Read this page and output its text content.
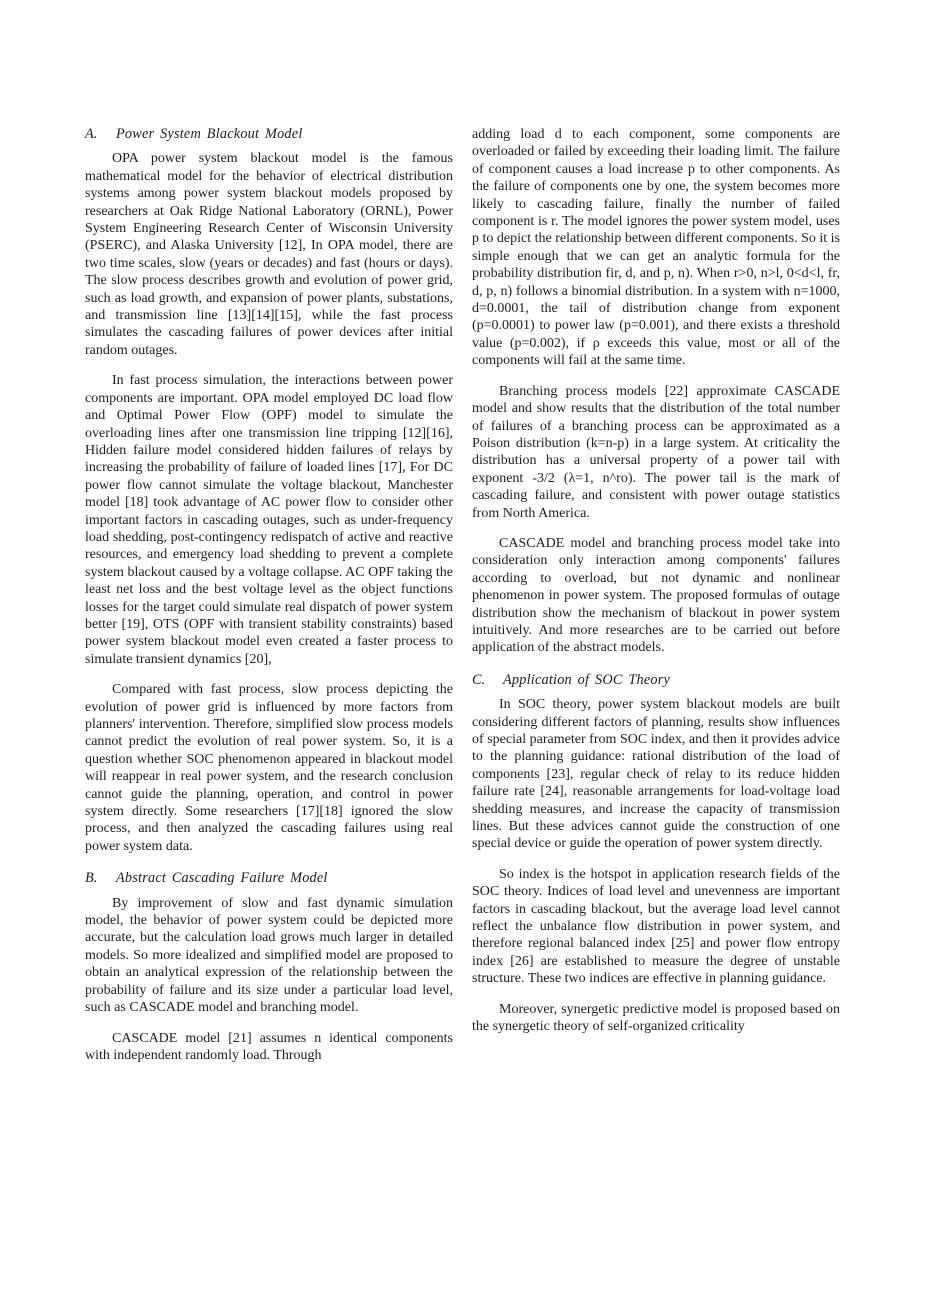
A.	Power System Blackout Model

OPA power system blackout model is the famous mathematical model for the behavior of electrical distribution systems among power system blackout models proposed by researchers at Oak Ridge National Laboratory (ORNL), Power System Engineering Research Center of Wisconsin University (PSERC), and Alaska University [12], In OPA model, there are two time scales, slow (years or decades) and fast (hours or days). The slow process describes growth and evolution of power grid, such as load growth, and expansion of power plants, substations, and transmission line [13][14][15], while the fast process simulates the cascading failures of power devices after initial random outages.

In fast process simulation, the interactions between power components are important. OPA model employed DC load flow and Optimal Power Flow (OPF) model to simulate the overloading lines after one transmission line tripping [12][16], Hidden failure model considered hidden failures of relays by increasing the probability of failure of loaded lines [17], For DC power flow cannot simulate the voltage blackout, Manchester model [18] took advantage of AC power flow to consider other important factors in cascading outages, such as under-frequency load shedding, post-contingency redispatch of active and reactive resources, and emergency load shedding to prevent a complete system blackout caused by a voltage collapse. AC OPF taking the least net loss and the best voltage level as the object functions losses for the target could simulate real dispatch of power system better [19], OTS (OPF with transient stability constraints) based power system blackout model even created a faster process to simulate transient dynamics [20],

Compared with fast process, slow process depicting the evolution of power grid is influenced by more factors from planners' intervention. Therefore, simplified slow process models cannot predict the evolution of real power system. So, it is a question whether SOC phenomenon appeared in blackout model will reappear in real power system, and the research conclusion cannot guide the planning, operation, and control in power system directly. Some researchers [17][18] ignored the slow process, and then analyzed the cascading failures using real power system data.

B.	Abstract Cascading Failure Model

By improvement of slow and fast dynamic simulation model, the behavior of power system could be depicted more accurate, but the calculation load grows much larger in detailed models. So more idealized and simplified model are proposed to obtain an analytical expression of the relationship between the probability of failure and its size under a particular load level, such as CASCADE model and branching model.

CASCADE model [21] assumes n identical components with independent randomly load. Through

adding load d to each component, some components are overloaded or failed by exceeding their loading limit. The failure of component causes a load increase p to other components. As the failure of components one by one, the system becomes more likely to cascading failure, finally the number of failed component is r. The model ignores the power system model, uses p to depict the relationship between different components. So it is simple enough that we can get an analytic formula for the probability distribution fir, d, and p, n). When r>0, n>l, 0<d<l, fr, d, p, n) follows a binomial distribution. In a system with n=1000, d=0.0001, the tail of distribution change from exponent (p=0.0001) to power law (p=0.001), and there exists a threshold value (p=0.002), if ρ exceeds this value, most or all of the components will fail at the same time.

Branching process models [22] approximate CASCADE model and show results that the distribution of the total number of failures of a branching process can be approximated as a Poison distribution (k=n-p) in a large system. At criticality the distribution has a universal property of a power tail with exponent -3/2 (λ=1, n^ro). The power tail is the mark of cascading failure, and consistent with power outage statistics from North America.

CASCADE model and branching process model take into consideration only interaction among components' failures according to overload, but not dynamic and nonlinear phenomenon in power system. The proposed formulas of outage distribution show the mechanism of blackout in power system intuitively. And more researches are to be carried out before application of the abstract models.

C.	Application of SOC Theory

In SOC theory, power system blackout models are built considering different factors of planning, results show influences of special parameter from SOC index, and then it provides advice to the planning guidance: rational distribution of the load of components [23], regular check of relay to its reduce hidden failure rate [24], reasonable arrangements for load-voltage load shedding measures, and increase the capacity of transmission lines. But these advices cannot guide the construction of one special device or guide the operation of power system directly.

So index is the hotspot in application research fields of the SOC theory. Indices of load level and unevenness are important factors in cascading blackout, but the average load level cannot reflect the unbalance flow distribution in power system, and therefore regional balanced index [25] and power flow entropy index [26] are established to measure the degree of unstable structure. These two indices are effective in planning guidance.

Moreover, synergetic predictive model is proposed based on the synergetic theory of self-organized criticality
